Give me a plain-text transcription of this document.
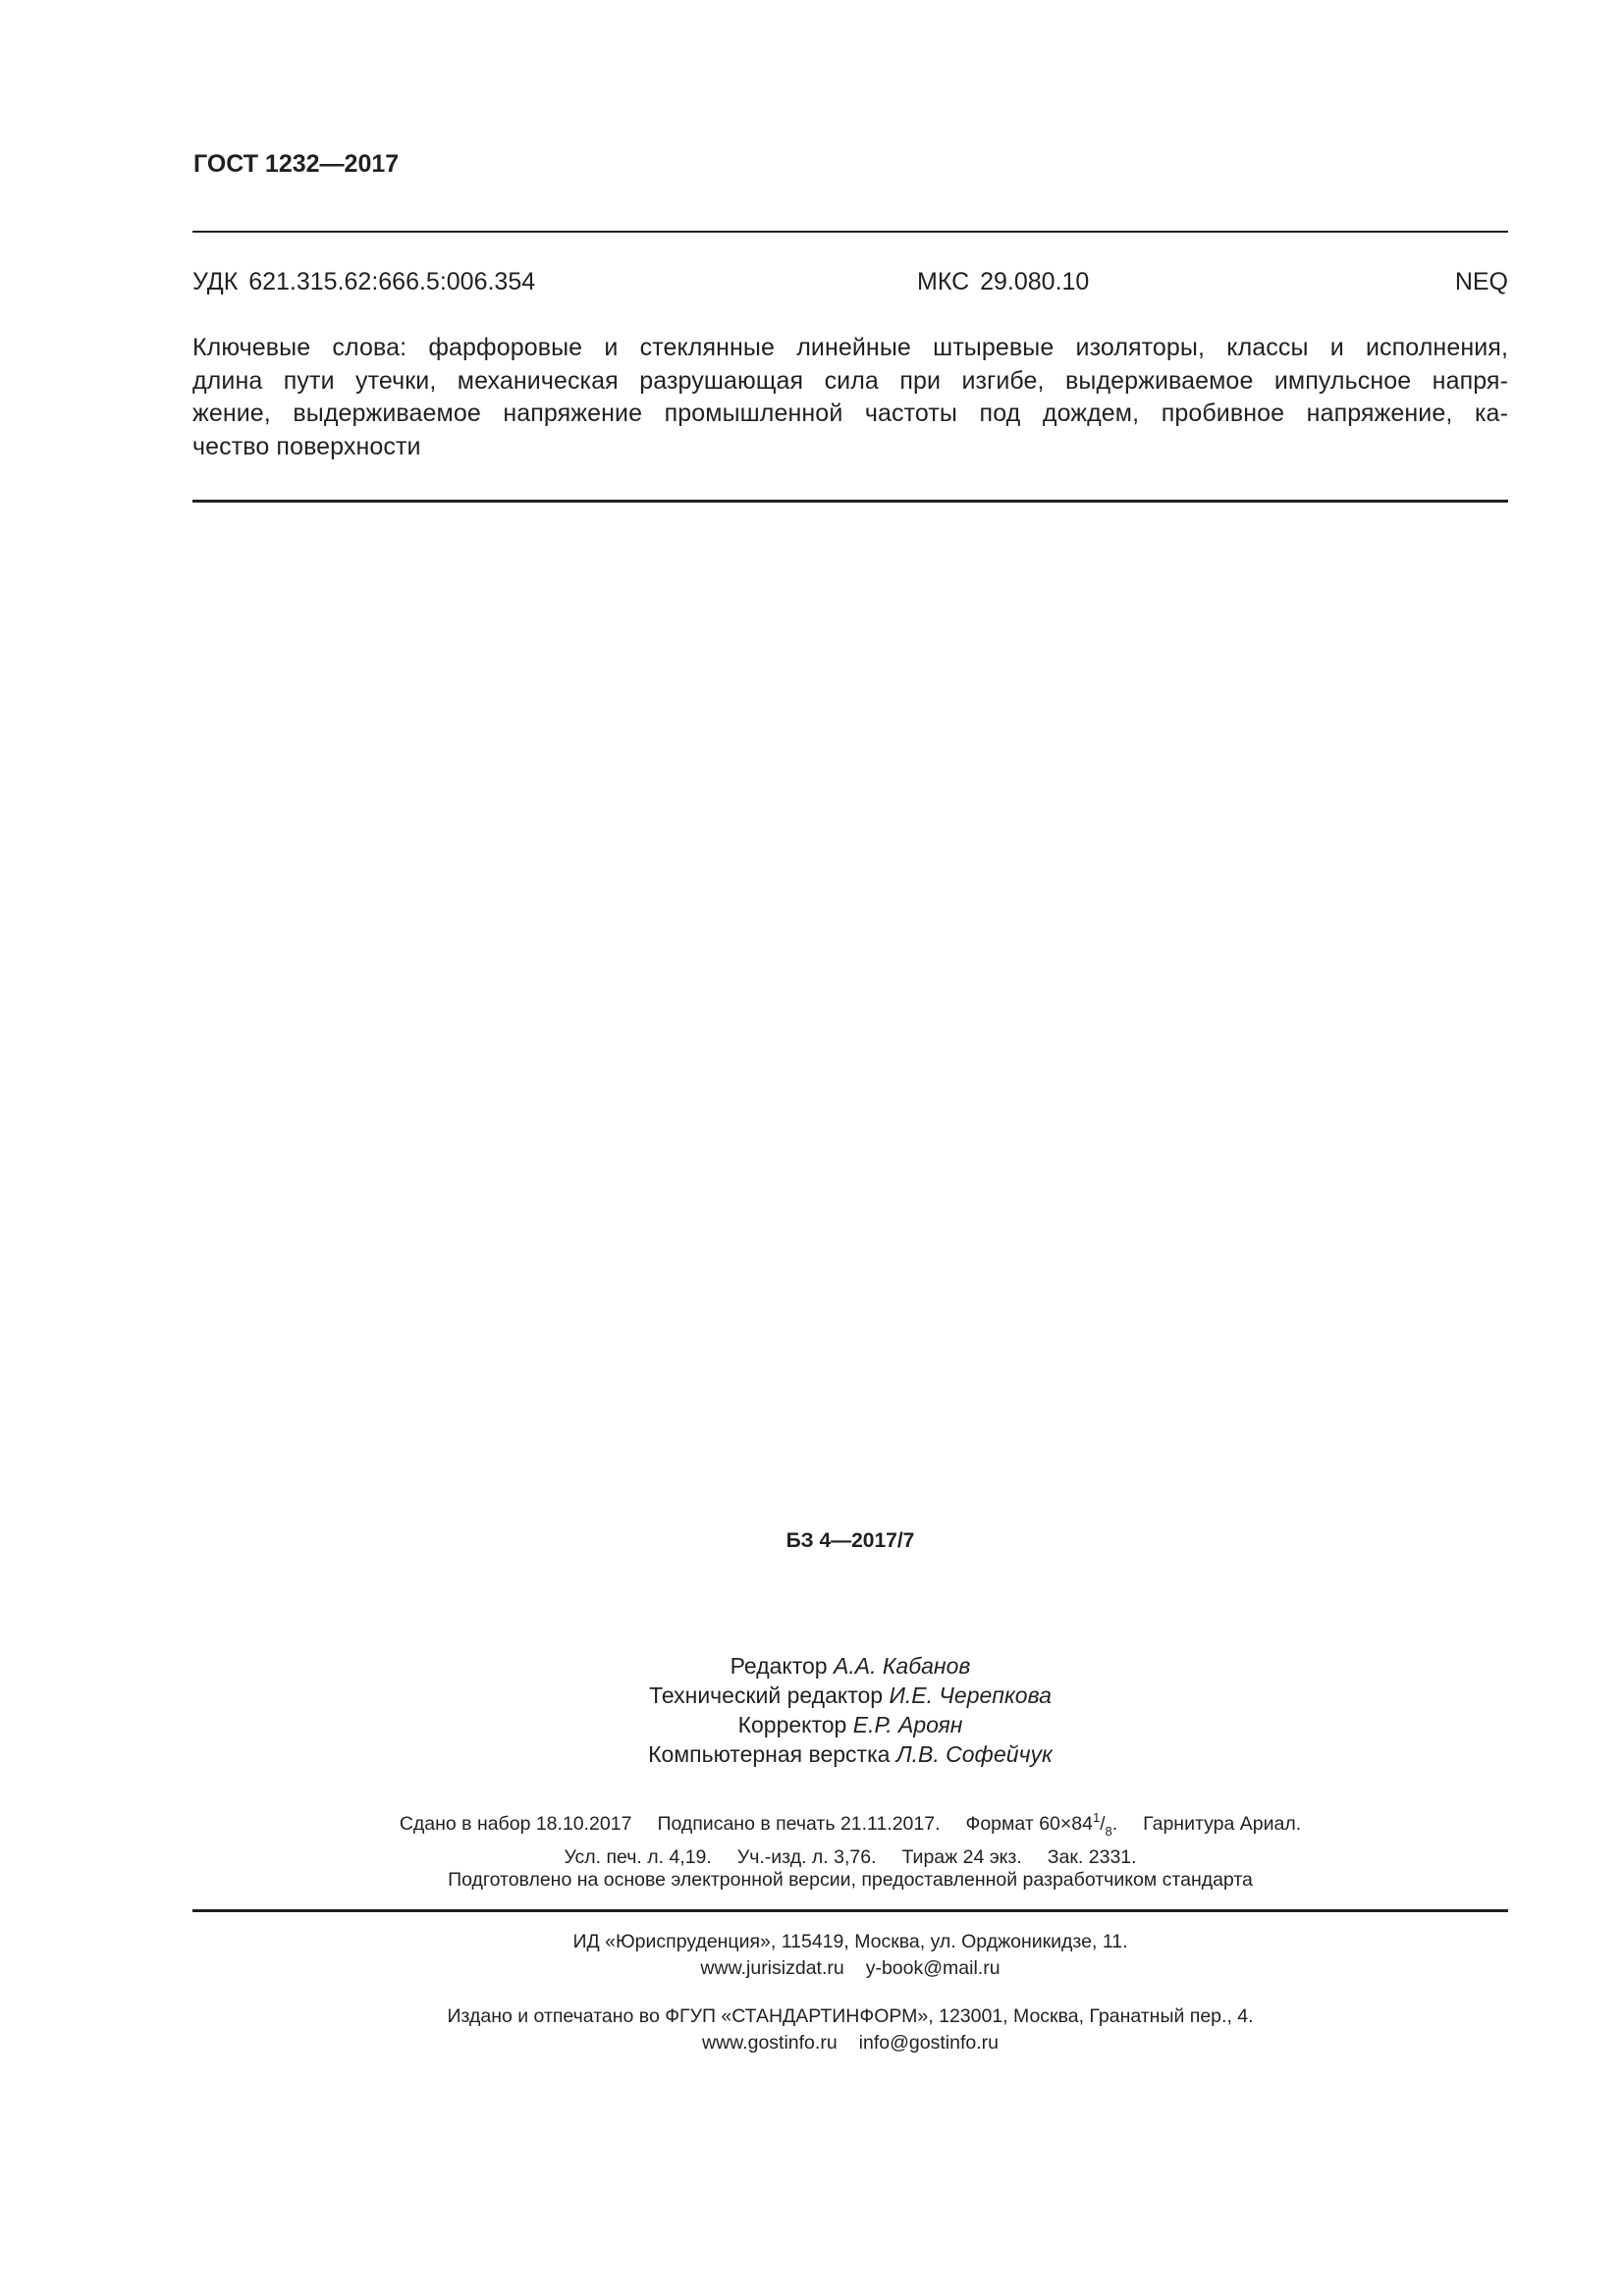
ГОСТ 1232—2017
УДК 621.315.62:666.5:006.354	МКС 29.080.10	NEQ
Ключевые слова: фарфоровые и стеклянные линейные штыревые изоляторы, классы и исполнения,
длина пути утечки, механическая разрушающая сила при изгибе, выдерживаемое импульсное напря-
жение, выдерживаемое напряжение промышленной частоты под дождем, пробивное напряжение, ка-
чество поверхности
БЗ 4—2017/7
Редактор А.А. Кабанов
Технический редактор И.Е. Черепкова
Корректор Е.Р. Ароян
Компьютерная верстка Л.В. Софейчук
Сдано в набор 18.10.2017 Подписано в печать 21.11.2017. Формат $60\times 84^1/_8$. Гарнитура Ариал.
Усл. печ. л. 4,19. Уч.-изд. л. 3,76. Тираж 24 экз. Зак. 2331.
Подготовлено на основе электронной версии, предоставленной разработчиком стандарта
ИД «Юриспруденция», 115419, Москва, ул. Орджоникидзе, 11.
www.jurisizdat.ru y-book@mail.ru
Издано и отпечатано во ФГУП «СТАНДАРТИНФОРМ», 123001, Москва, Гранатный пер., 4.
www.gostinfo.ru info@gostinfo.ru
